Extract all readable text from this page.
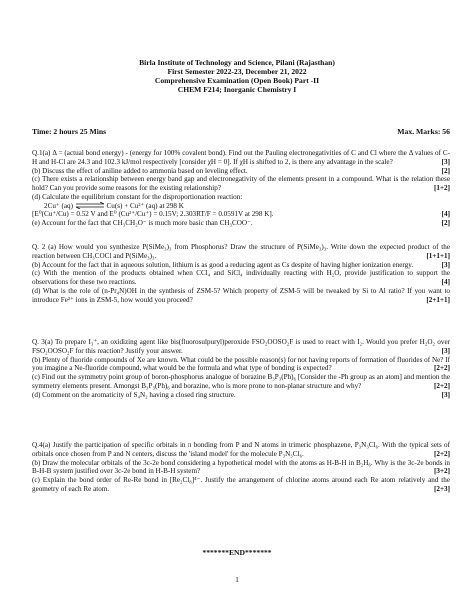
Birla Institute of Technology and Science, Pilani (Rajasthan)
First Semester 2022-23, December 21, 2022
Comprehensive Examination (Open Book) Part -II
CHEM F214; Inorganic Chemistry I
Time: 2 hours 25 Mins	Max. Marks: 56

Q.1(a) Δ = (actual bond energy) - (energy for 100% covalent bond). Find out the Pauling electronegativities of C and Cl where the Δ values of C-H and H-Cl are 24.3 and 102.3 kJ/mol respectively [consider χH = 0]. If χH is shifted to 2, is there any advantage in the scale?	[3]

(b) Discuss the effect of aniline added to ammonia based on leveling effect.	[2]

(c) There exists a relationship between energy band gap and electronegativity of the elements present in a compound. What is the relation these hold? Can you provide some reasons for the existing relationship?	[1+2]

(d) Calculate the equilibrium constant for the disproportionation reaction:

2Cu⁺ (aq)	Cu(s) + Cu²⁺ (aq) at 298 K

[E⁰(Cu⁺/Cu) = 0.52 V and E⁰ (Cu²⁺/Cu⁺) = 0.15V; 2.303RT/F = 0.0591V at 298 K].	[4]

(e) Account for the fact that CH₃CH₂O⁻ is much more basic than CH₃COO⁻.	[2]

Q. 2 (a) How would you synthesize P(SiMe₃)₃ from Phosphorus? Draw the structure of P(SiMe₃)₃. Write down the expected product of the reaction between CH₃COCl and P(SiMe₃)₃.	[1+1+1]

(b) Account for the fact that in aqueous solution, lithium is as good a reducing agent as Cs despite of having higher ionization energy.	[3]

(c) With the mention of the products obtained when CCl₄ and SiCl₄ individually reacting with H₂O, provide justification to support the observations for these two reactions.	[4]

(d) What is the role of (n-Pr₄N)OH in the synthesis of ZSM-5? Which property of ZSM-5 will be tweaked by Si to Al ratio? If you want to introduce Fe²⁺ ions in ZSM-5, how would you proceed?	[2+1+1]

Q. 3(a) To prepare I₃⁺, an oxidizing agent like bis(fluorosulpuryl)peroxide FSO₂OOSO₂F is used to react with I₂. Would you prefer H₂O₂ over FSO₂OOSO₂F for this reaction? Justify your answer.	[3]

(b) Plenty of fluoride compounds of Xe are known. What could be the possible reason(s) for not having reports of formation of fluorides of Ne? If you imagine a Ne-fluoride compound, what would be the formula and what type of bonding is expected?	[2+2]

(c) Find out the symmetry point group of boron-phosphorus analogue of borazine B₃P₃(Ph)₆ [Consider the -Ph group as an atom] and mention the symmetry elements present. Amongst B₃P₃(Ph)₆ and borazine, who is more prone to non-planar structure and why?	[2+2]

(d) Comment on the aromaticity of S₄N₂ having a closed ring structure.	[3]

Q.4(a) Justify the participation of specific orbitals in π bonding from P and N atoms in trimeric phosphazene, P₃N₃Cl₆. With the typical sets of orbitals once chosen from P and N centers, discuss the 'island model' for the molecule P₃N₃Cl₆.	[2+2]

(b) Draw the molecular orbitals of the 3c-2e bond considering a hypothetical model with the atoms as H-B-H in B₂H₆. Why is the 3c-2e bonds in B-H-B system justified over 3c-2e bond in H-B-H system?	[3+2]

(c) Explain the bond order of Re-Re bond in [Re₂Cl₈]⁴⁻. Justify the arrangement of chlorine atoms around each Re atom relatively and the geometry of each Re atom.	[2+3]

*******END*******
1
